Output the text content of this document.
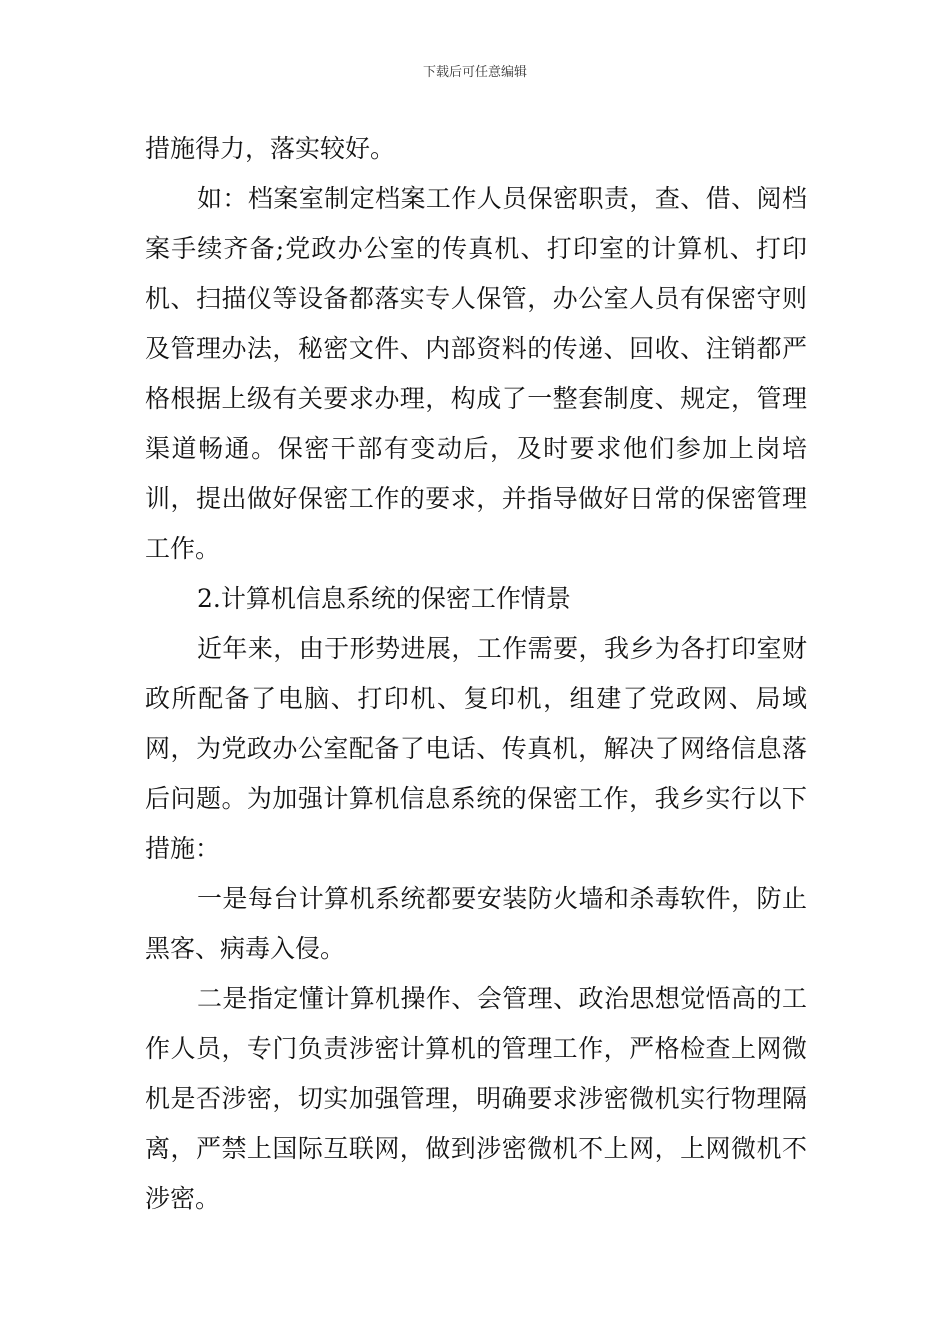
下载后可任意编辑

措施得力，落实较好。

如：档案室制定档案工作人员保密职责，查、借、阅档案手续齐备;党政办公室的传真机、打印室的计算机、打印机、扫描仪等设备都落实专人保管，办公室人员有保密守则及管理办法，秘密文件、内部资料的传递、回收、注销都严格根据上级有关要求办理，构成了一整套制度、规定，管理渠道畅通。保密干部有变动后，及时要求他们参加上岗培训，提出做好保密工作的要求，并指导做好日常的保密管理工作。

2.计算机信息系统的保密工作情景

近年来，由于形势进展，工作需要，我乡为各打印室财政所配备了电脑、打印机、复印机，组建了党政网、局域网，为党政办公室配备了电话、传真机，解决了网络信息落后问题。为加强计算机信息系统的保密工作，我乡实行以下措施：

一是每台计算机系统都要安装防火墙和杀毒软件，防止黑客、病毒入侵。

二是指定懂计算机操作、会管理、政治思想觉悟高的工作人员，专门负责涉密计算机的管理工作，严格检查上网微机是否涉密，切实加强管理，明确要求涉密微机实行物理隔离，严禁上国际互联网，做到涉密微机不上网，上网微机不涉密。
